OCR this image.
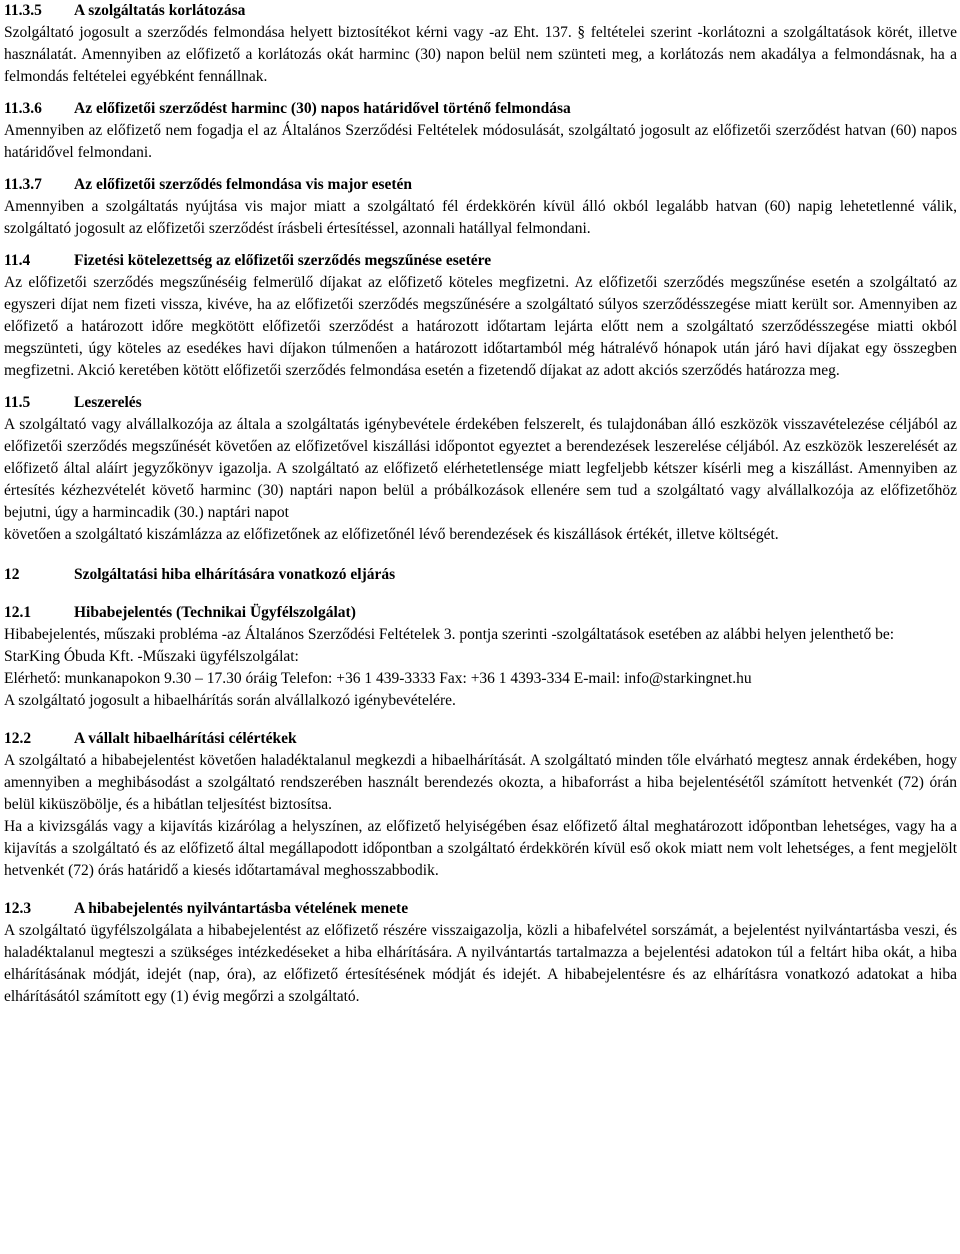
11.3.5	A szolgáltatás korlátozása

Szolgáltató jogosult a szerződés felmondása helyett biztosítékot kérni vagy -az Eht. 137. § feltételei szerint -korlátozni a szolgáltatások körét, illetve használatát. Amennyiben az előfizető a korlátozás okát harminc (30) napon belül nem szünteti meg, a korlátozás nem akadálya a felmondásnak, ha a felmondás feltételei egyébként fennállnak.

11.3.6	Az előfizetői szerződést harminc (30) napos határidővel történő felmondása

Amennyiben az előfizető nem fogadja el az Általános Szerződési Feltételek módosulását, szolgáltató jogosult az előfizetői szerződést hatvan (60) napos határidővel felmondani.

11.3.7	Az előfizetői szerződés felmondása vis major esetén

Amennyiben a szolgáltatás nyújtása vis major miatt a szolgáltató fél érdekkörén kívül álló okból legalább hatvan (60) napig lehetetlenné válik, szolgáltató jogosult az előfizetői szerződést írásbeli értesítéssel, azonnali hatállyal felmondani.

11.4	Fizetési kötelezettség az előfizetői szerződés megszűnése esetére

Az előfizetői szerződés megszűnéséig felmerülő díjakat az előfizető köteles megfizetni. Az előfizetői szerződés megszűnése esetén a szolgáltató az egyszeri díjat nem fizeti vissza, kivéve, ha az előfizetői szerződés megszűnésére a szolgáltató súlyos szerződésszegése miatt került sor. Amennyiben az előfizető a határozott időre megkötött előfizetői szerződést a határozott időtartam lejárta előtt nem a szolgáltató szerződésszegése miatti okból megszünteti, úgy köteles az esedékes havi díjakon túlmenően a határozott időtartamból még hátralévő hónapok után járó havi díjakat egy összegben megfizetni. Akció keretében kötött előfizetői szerződés felmondása esetén a fizetendő díjakat az adott akciós szerződés határozza meg.

11.5	Leszerelés

A szolgáltató vagy alvállalkozója az általa a szolgáltatás igénybevétele érdekében felszerelt, és tulajdonában álló eszközök visszavételezése céljából az előfizetői szerződés megszűnését követően az előfizetővel kiszállási időpontot egyeztet a berendezések leszerelése céljából. Az eszközök leszerelését az előfizető által aláírt jegyzőkönyv igazolja. A szolgáltató az előfizető elérhetetlensége miatt legfeljebb kétszer kísérli meg a kiszállást. Amennyiben az értesítés kézhezvételét követő harminc (30) naptári napon belül a próbálkozások ellenére sem tud a szolgáltató vagy alvállalkozója az előfizetőhöz bejutni, úgy a harmincadik (30.) naptári napot

követően a szolgáltató kiszámlázza az előfizetőnek az előfizetőnél lévő berendezések és kiszállások értékét, illetve költségét.

12	Szolgáltatási hiba elhárítására vonatkozó eljárás
12.1	Hibabejelentés (Technikai Ügyfélszolgálat)

Hibabejelentés, műszaki probléma -az Általános Szerződési Feltételek 3. pontja szerinti -szolgáltatások esetében az alábbi helyen jelenthető be:

StarKing Óbuda Kft. -Műszaki ügyfélszolgálat:

Elérhető: munkanapokon 9.30 – 17.30 óráig Telefon: +36 1 439-3333 Fax: +36 1 4393-334 E-mail: info@starkingnet.hu

A szolgáltató jogosult a hibaelhárítás során alvállalkozó igénybevételére.

12.2	A vállalt hibaelhárítási célértékek

A szolgáltató a hibabejelentést követően haladéktalanul megkezdi a hibaelhárítását. A szolgáltató minden tőle elvárható megtesz annak érdekében, hogy amennyiben a meghibásodást a szolgáltató rendszerében használt berendezés okozta, a hibaforrást a hiba bejelentésétől számított hetvenkét (72) órán belül kiküszöbölje, és a hibátlan teljesítést biztosítsa.

Ha a kivizsgálás vagy a kijavítás kizárólag a helyszínen, az előfizető helyiségében ésaz előfizető által meghatározott időpontban lehetséges, vagy ha a kijavítás a szolgáltató és az előfizető által megállapodott időpontban a szolgáltató érdekkörén kívül eső okok miatt nem volt lehetséges, a fent megjelölt hetvenkét (72) órás határidő a kiesés időtartamával meghosszabbodik.

12.3	A hibabejelentés nyilvántartásba vételének menete

A szolgáltató ügyfélszolgálata a hibabejelentést az előfizető részére visszaigazolja, közli a hibafelvétel sorszámát, a bejelentést nyilvántartásba veszi, és haladéktalanul megteszi a szükséges intézkedéseket a hiba elhárítására. A nyilvántartás tartalmazza a bejelentési adatokon túl a feltárt hiba okát, a hiba elhárításának módját, idejét (nap, óra), az előfizető értesítésének módját és idejét. A hibabejelentésre és az elhárításra vonatkozó adatokat a hiba elhárításától számított egy (1) évig megőrzi a szolgáltató.
